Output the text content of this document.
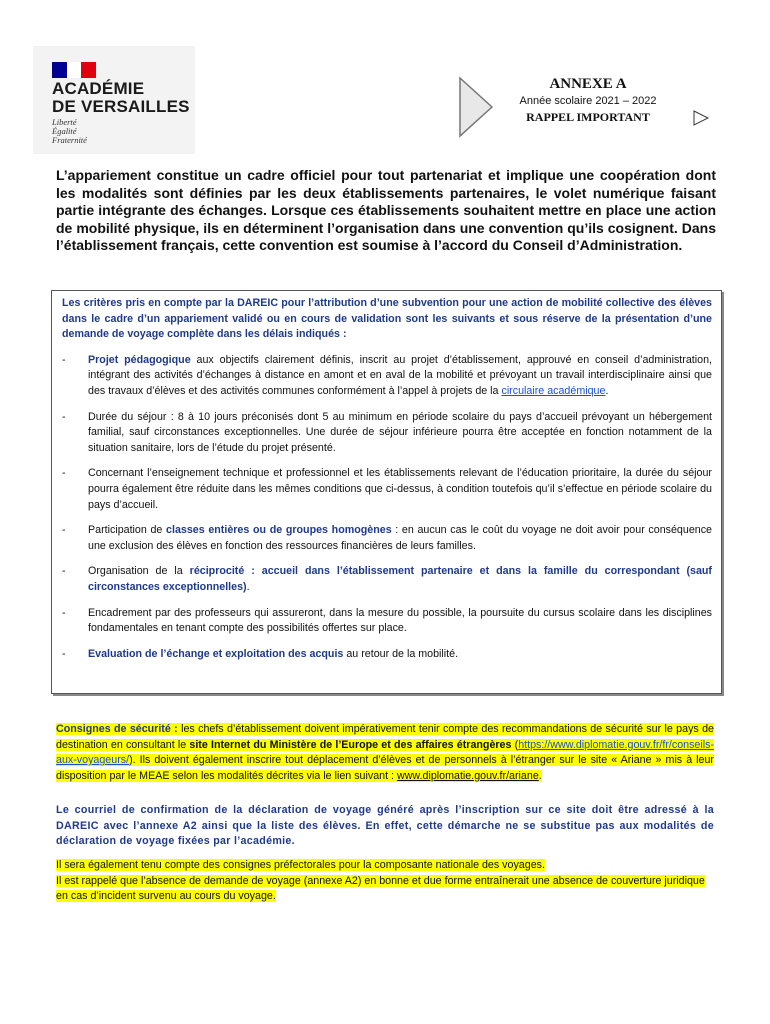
ACADÉMIE
DE VERSAILLES
Liberté
Égalité
Fraternité
ANNEXE A
Année scolaire 2021 – 2022
RAPPEL IMPORTANT
L’appariement constitue un cadre officiel pour tout partenariat et implique une coopération dont les modalités sont définies par les deux établissements partenaires, le volet numérique faisant partie intégrante des échanges. Lorsque ces établissements souhaitent mettre en place une action de mobilité physique, ils en déterminent l’organisation dans une convention qu’ils cosignent. Dans l’établissement français, cette convention est soumise à l’accord du Conseil d’Administration.
Les critères pris en compte par la DAREIC pour l’attribution d’une subvention pour une action de mobilité collective des élèves dans le cadre d’un appariement validé ou en cours de validation sont les suivants et sous réserve de la présentation d’une demande de voyage complète dans les délais indiqués :
-	Projet pédagogique aux objectifs clairement définis, inscrit au projet d’établissement, approuvé en conseil d’administration, intégrant des activités d’échanges à distance en amont et en aval de la mobilité et prévoyant un travail interdisciplinaire ainsi que des travaux d’élèves et des activités communes conformément à l’appel à projets de la circulaire académique.
-	Durée du séjour : 8 à 10 jours préconisés dont 5 au minimum en période scolaire du pays d’accueil prévoyant un hébergement familial, sauf circonstances exceptionnelles. Une durée de séjour inférieure pourra être acceptée en fonction notamment de la situation sanitaire, lors de l’étude du projet présenté.
-	Concernant l’enseignement technique et professionnel et les établissements relevant de l’éducation prioritaire, la durée du séjour pourra également être réduite dans les mêmes conditions que ci-dessus, à condition toutefois qu’il s’effectue en période scolaire du pays d’accueil.
-	Participation de classes entières ou de groupes homogènes : en aucun cas le coût du voyage ne doit avoir pour conséquence une exclusion des élèves en fonction des ressources financières de leurs familles.
-	Organisation de la réciprocité : accueil dans l’établissement partenaire et dans la famille du correspondant (sauf circonstances exceptionnelles).
-	Encadrement par des professeurs qui assureront, dans la mesure du possible, la poursuite du cursus scolaire dans les disciplines fondamentales en tenant compte des possibilités offertes sur place.
-	Evaluation de l’échange et exploitation des acquis au retour de la mobilité.
Consignes de sécurité : les chefs d’établissement doivent impérativement tenir compte des recommandations de sécurité sur le pays de destination en consultant le site Internet du Ministère de l’Europe et des affaires étrangères (https://www.diplomatie.gouv.fr/fr/conseils-aux-voyageurs/). Ils doivent également inscrire tout déplacement d’élèves et de personnels à l’étranger sur le site « Ariane » mis à leur disposition par le MEAE selon les modalités décrites via le lien suivant : www.diplomatie.gouv.fr/ariane.
Le courriel de confirmation de la déclaration de voyage généré après l’inscription sur ce site doit être adressé à la DAREIC avec l’annexe A2 ainsi que la liste des élèves. En effet, cette démarche ne se substitue pas aux modalités de déclaration de voyage fixées par l’académie.
Il sera également tenu compte des consignes préfectorales pour la composante nationale des voyages.
Il est rappelé que l’absence de demande de voyage (annexe A2) en bonne et due forme entraînerait une absence de couverture juridique en cas d’incident survenu au cours du voyage.
